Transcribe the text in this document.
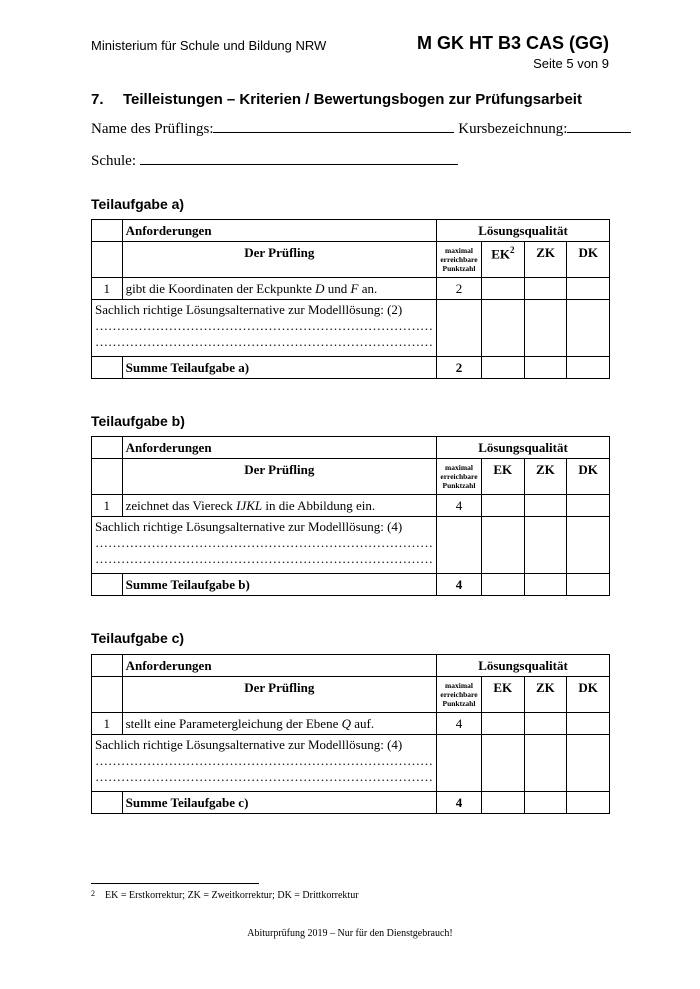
Ministerium für Schule und Bildung NRW	M GK HT B3 CAS (GG)
Seite 5 von 9
7. Teilleistungen – Kriterien / Bewertungsbogen zur Prüfungsarbeit
Name des Prüflings:	Kursbezeichnung:
Schule:
Teilaufgabe a)
	Anforderungen	Lösungsqualität			
	Der Prüfling	maximal erreichbare Punktzahl	$EK^2$	ZK	DK
1	gibt die Koordinaten der Eckpunkte D und F an.	2			

Sachlich richtige Lösungsalternative zur Modelllösung: (2)
……………………………………………………………………
……………………………………………………………………					

	Summe Teilaufgabe a)	2			
Teilaufgabe b)
	Anforderungen	Lösungsqualität			
	Der Prüfling	maximal erreichbare Punktzahl	EK	ZK	DK
1	zeichnet das Viereck IJKL in die Abbildung ein.	4			

Sachlich richtige Lösungsalternative zur Modelllösung: (4)
……………………………………………………………………
……………………………………………………………………					

	Summe Teilaufgabe b)	4			
Teilaufgabe c)
	Anforderungen	Lösungsqualität			
	Der Prüfling	maximal erreichbare Punktzahl	EK	ZK	DK
1	stellt eine Parametergleichung der Ebene Q auf.	4			

Sachlich richtige Lösungsalternative zur Modelllösung: (4)
……………………………………………………………………
……………………………………………………………………					

	Summe Teilaufgabe c)	4			
$^2$ EK = Erstkorrektur; ZK = Zweitkorrektur; DK = Drittkorrektur
Abiturprüfung 2019 – Nur für den Dienstgebrauch!
